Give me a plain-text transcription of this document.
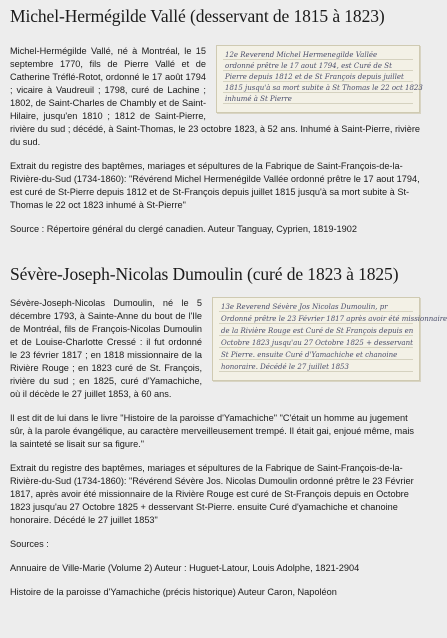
Michel-Hermégilde Vallé (desservant de 1815 à 1823)
12e Reverend Michel Hermenegilde Vallée
ordonné prêtre le 17 aout 1794, est Curé de St
Pierre depuis 1812 et de St François depuis juillet
1815 jusqu'à sa mort subite à St Thomas le 22 oct 1823
inhumé à St Pierre

Michel-Hermégilde Vallé, né à Montréal, le 15 septembre 1770, fils de Pierre Vallé et de Catherine Tréflé-Rotot, ordonné le 17 août 1794 ; vicaire à Vaudreuil ; 1798, curé de Lachine ; 1802, de Saint-Charles de Chambly et de Saint-Hilaire, jusqu'en 1810 ; 1812 de Saint-Pierre, rivière du sud ; décédé, à Saint-Thomas, le 23 octobre 1823, à 52 ans. Inhumé à Saint-Pierre, rivière du sud.

Extrait du registre des baptêmes, mariages et sépultures de la Fabrique de Saint-François-de-la-Rivière-du-Sud (1734-1860): "Révérend Michel Hermenégilde Vallée ordonné prêtre le 17 aout 1794, est curé de St-Pierre depuis 1812 et de St-François depuis juillet 1815 jusqu'à sa mort subite à St-Thomas le 22 oct 1823 inhumé à St-Pierre"

Source : Répertoire général du clergé canadien. Auteur Tanguay, Cyprien, 1819-1902

Sévère-Joseph-Nicolas Dumoulin (curé de 1823 à 1825)
13e Reverend Sévère Jos Nicolas Dumoulin, pr
Ordonné prêtre le 23 Février 1817 après avoir été missionnaire
de la Rivière Rouge est Curé de St François depuis en
Octobre 1823 jusqu'au 27 Octobre 1825 + desservant
St Pierre. ensuite Curé d'Yamachiche et chanoine
honoraire. Décédé le 27 juillet 1853

Sévère-Joseph-Nicolas Dumoulin, né le 5 décembre 1793, à Sainte-Anne du bout de l'Ile de Montréal, fils de François-Nicolas Dumoulin et de Louise-Charlotte Cressé : il fut ordonné le 23 février 1817 ; en 1818 missionnaire de la Rivière Rouge ; en 1823 curé de St. François, rivière du sud ; en 1825, curé d'Yamachiche, où il décède le 27 juillet 1853, à 60 ans.

Il est dit de lui dans le livre "Histoire de la paroisse d'Yamachiche" "C'était un homme au jugement sûr, à la parole évangélique, au caractère merveilleusement trempé. Il était gai, enjoué même, mais la sainteté se lisait sur sa figure."

Extrait du registre des baptêmes, mariages et sépultures de la Fabrique de Saint-François-de-la-Rivière-du-Sud (1734-1860): "Révérend Sévère Jos. Nicolas Dumoulin ordonné prêtre le 23 Février 1817, après avoir été missionnaire de la Rivière Rouge est curé de St-François depuis en Octobre 1823 jusqu'au 27 Octobre 1825 + desservant St-Pierre. ensuite Curé d'yamachiche et chanoine honoraire. Décédé le 27 juillet 1853"

Sources :

Annuaire de Ville-Marie (Volume 2) Auteur : Huguet-Latour, Louis Adolphe, 1821-2904

Histoire de la paroisse d'Yamachiche (précis historique) Auteur Caron, Napoléon
